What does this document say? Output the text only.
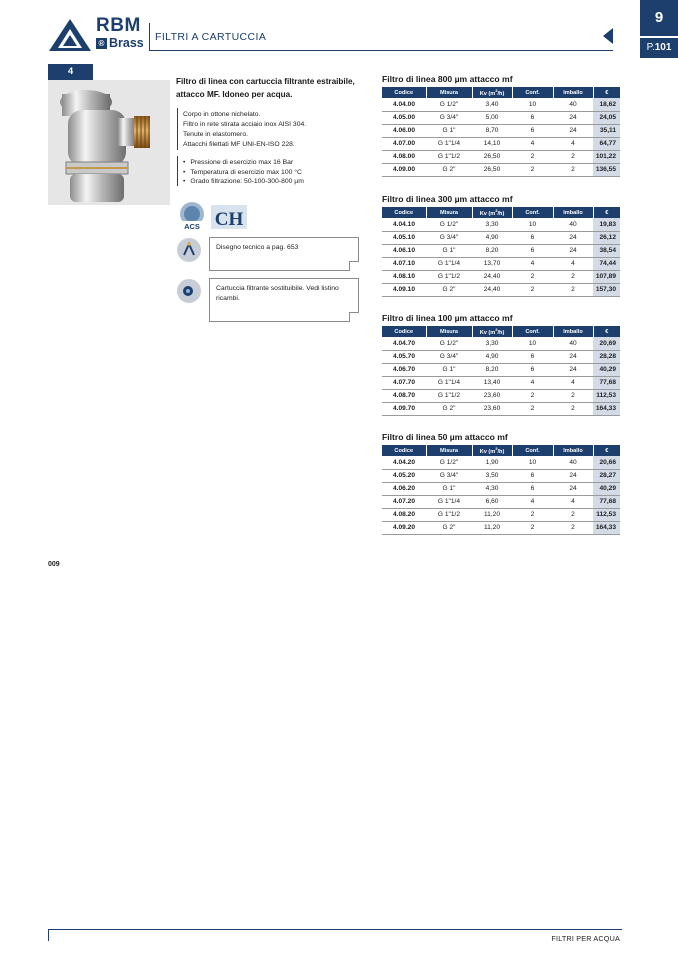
RBM
® Brass FILTRI A CARTUCCIA
9
P.101
4
Filtro di linea con cartuccia filtrante estraibile, attacco MF. Idoneo per acqua.
Corpo in ottone nichelato.
Filtro in rete stirata acciaio inox AISI 304.
Tenute in elastomero.
Attacchi filettati MF UNI-EN-ISO 228.
• Pressione di esercizio max 16 Bar
• Temperatura di esercizio max 100 °C
• Grado filtrazione: 50-100-300-800 µm
ACS CH
Disegno tecnico a pag. 653
Cartuccia filtrante sostituibile. Vedi listino ricambi.
009
Filtro di linea 800 µm attacco mf
Codice	Misura	Kv $(m^3/h)$	Conf.	Imballo	€
4.04.00	G 1/2"	3,40	10	40	18,62
4.05.00	G 3/4"	5,00	6	24	24,05
4.06.00	G 1"	8,70	6	24	35,11
4.07.00	G 1"1/4	14,10	4	4	64,77
4.08.00	G 1"1/2	26,50	2	2	101,22
4.09.00	G 2"	26,50	2	2	136,55
Filtro di linea 300 µm attacco mf
Codice	Misura	Kv $(m^3/h)$	Conf.	Imballo	€
4.04.10	G 1/2"	3,30	10	40	19,83
4.05.10	G 3/4"	4,90	6	24	26,12
4.06.10	G 1"	8,20	6	24	38,54
4.07.10	G 1"1/4	13,70	4	4	74,44
4.08.10	G 1"1/2	24,40	2	2	107,89
4.09.10	G 2"	24,40	2	2	157,30
Filtro di linea 100 µm attacco mf
Codice	Misura	Kv $(m^3/h)$	Conf.	Imballo	€
4.04.70	G 1/2"	3,30	10	40	20,69
4.05.70	G 3/4"	4,90	6	24	28,28
4.06.70	G 1"	8,20	6	24	40,29
4.07.70	G 1"1/4	13,40	4	4	77,68
4.08.70	G 1"1/2	23,60	2	2	112,53
4.09.70	G 2"	23,60	2	2	164,33
Filtro di linea 50 µm attacco mf
Codice	Misura	Kv $(m^3/h)$	Conf.	Imballo	€
4.04.20	G 1/2"	1,90	10	40	20,66
4.05.20	G 3/4"	3,50	6	24	28,27
4.06.20	G 1"	4,30	6	24	40,29
4.07.20	G 1"1/4	6,60	4	4	77,68
4.08.20	G 1"1/2	11,20	2	2	112,53
4.09.20	G 2"	11,20	2	2	164,33
FILTRI PER ACQUA
